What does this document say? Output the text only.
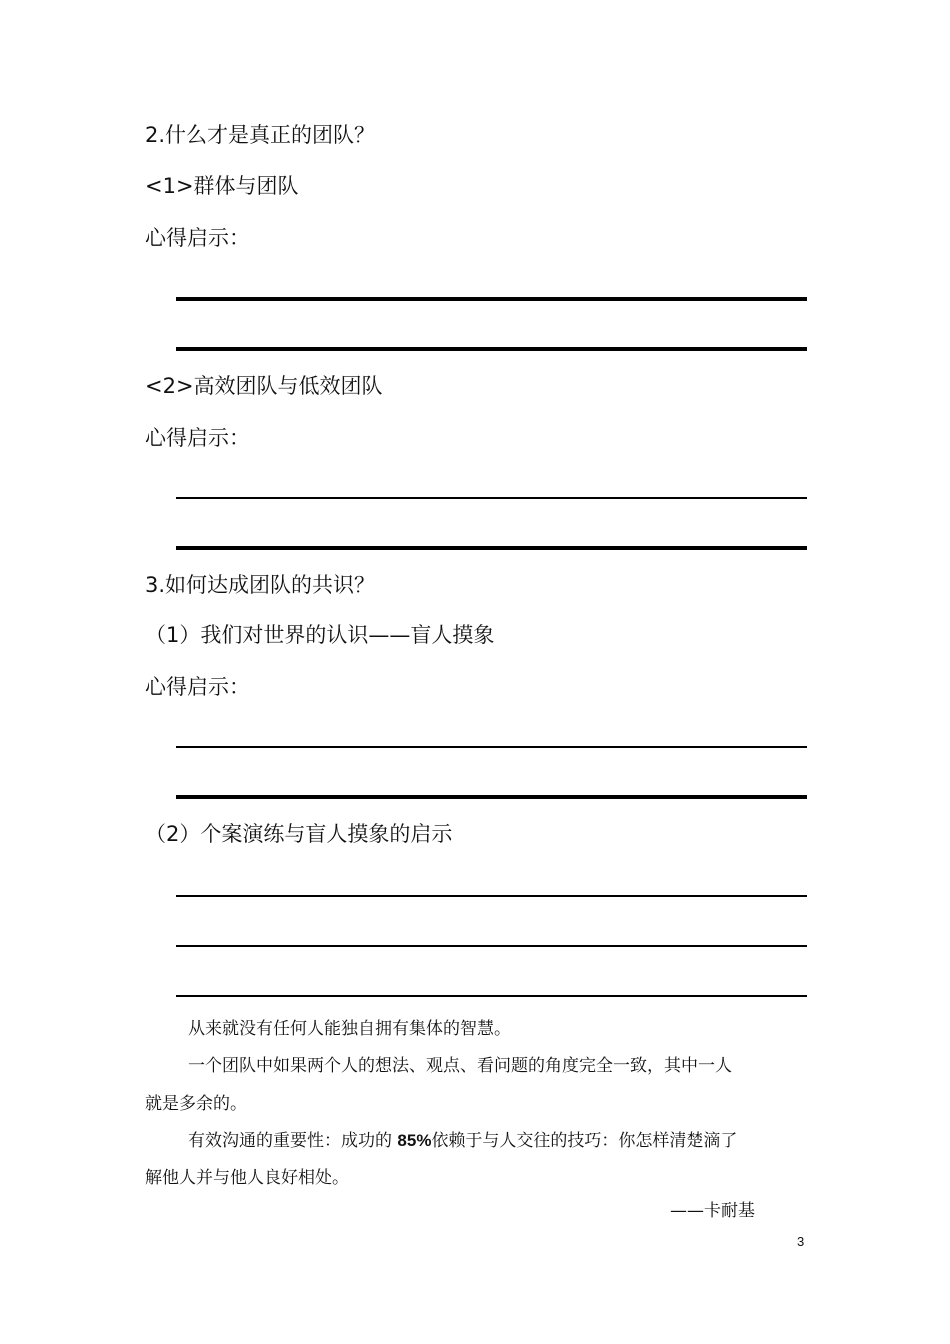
2.什么才是真正的团队？
<1>群体与团队
心得启示：
<2>高效团队与低效团队
心得启示：
3.如何达成团队的共识？
（1）我们对世界的认识——盲人摸象
心得启示：
（2）个案演练与盲人摸象的启示
从来就没有任何人能独自拥有集体的智慧。
一个团队中如果两个人的想法、观点、看问题的角度完全一致，其中一人
就是多余的。
有效沟通的重要性：成功的 85%依赖于与人交往的技巧：你怎样清楚滴了
解他人并与他人良好相处。
——卡耐基
3
